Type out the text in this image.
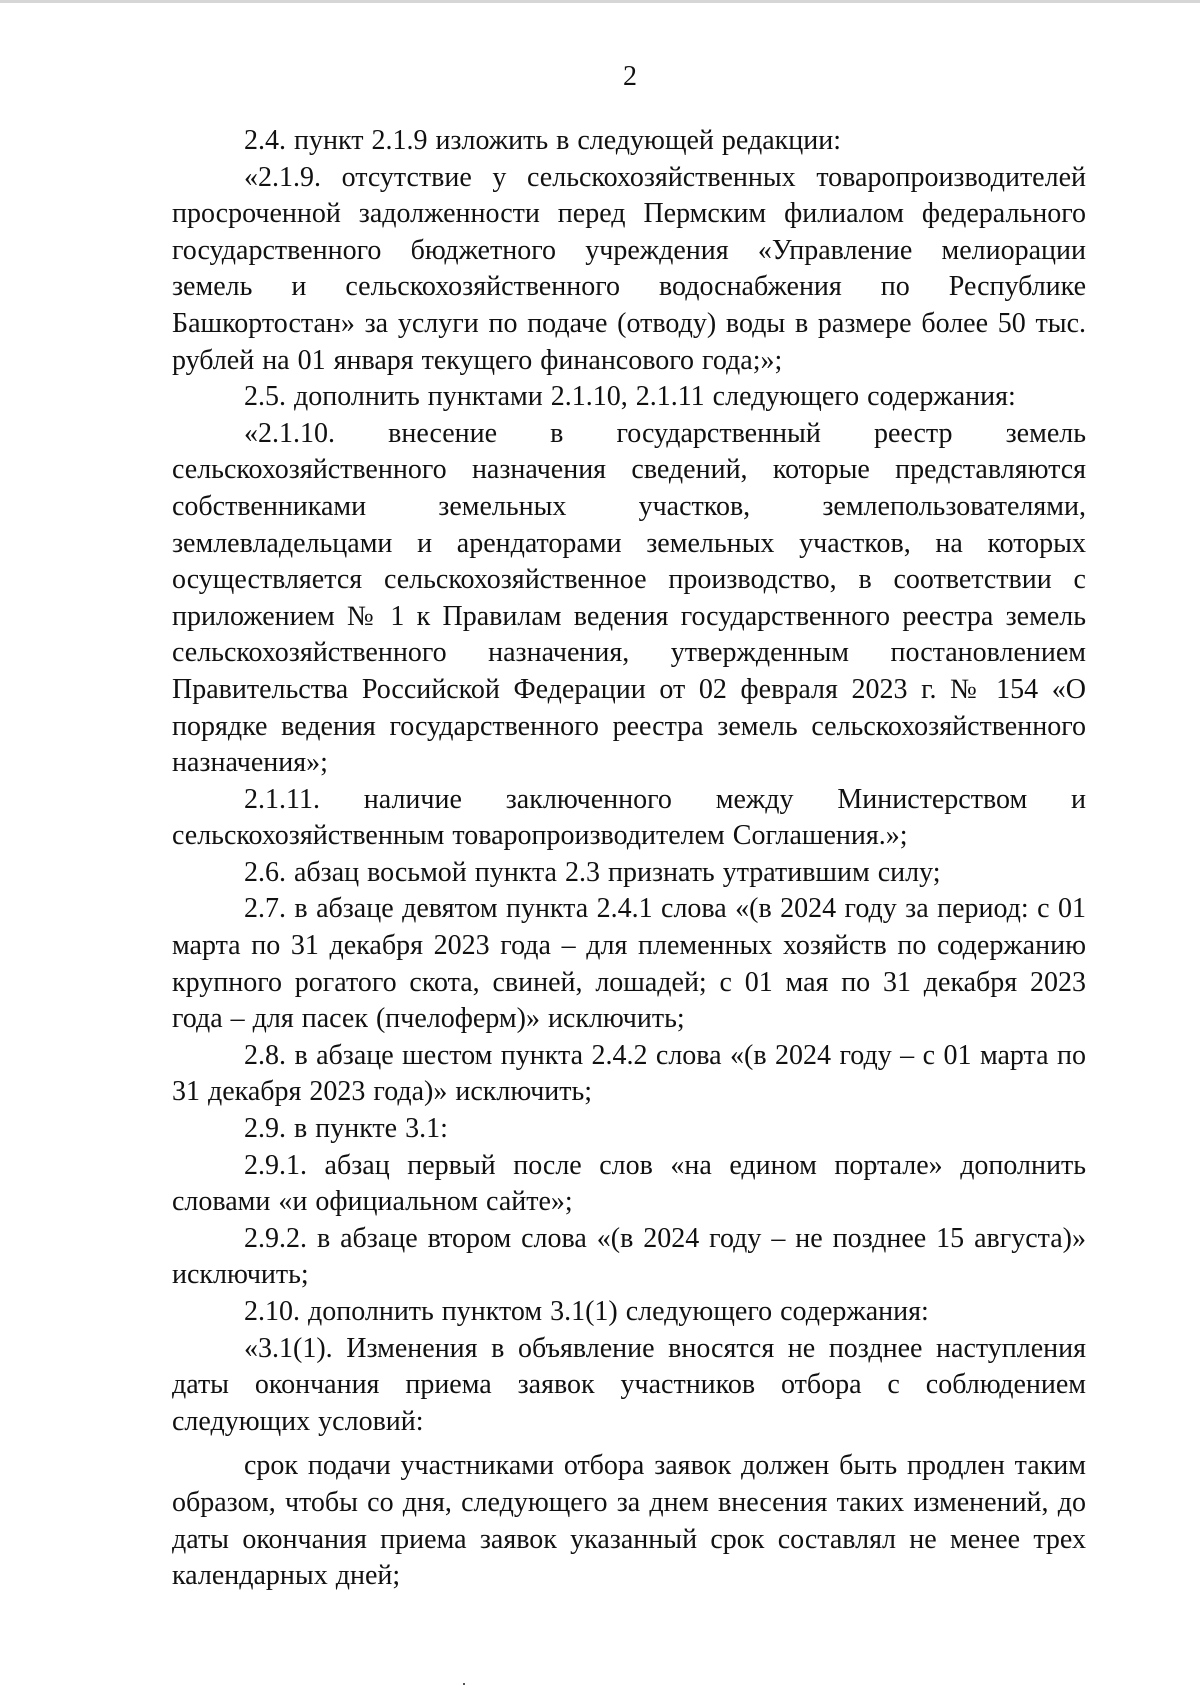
2

2.4. пункт 2.1.9 изложить в следующей редакции:

«2.1.9. отсутствие у сельскохозяйственных товаропроизводителей просроченной задолженности перед Пермским филиалом федерального государственного бюджетного учреждения «Управление мелиорации земель и сельскохозяйственного водоснабжения по Республике Башкортостан» за услуги по подаче (отводу) воды в размере более 50 тыс. рублей на 01 января текущего финансового года;»;

2.5. дополнить пунктами 2.1.10, 2.1.11 следующего содержания:

«2.1.10. внесение в государственный реестр земель сельскохозяйственного назначения сведений, которые представляются собственниками земельных участков, землепользователями, землевладельцами и арендаторами земельных участков, на которых осуществляется сельскохозяйственное производство, в соответствии с приложением № 1 к Правилам ведения государственного реестра земель сельскохозяйственного назначения, утвержденным постановлением Правительства Российской Федерации от 02 февраля 2023 г. № 154 «О порядке ведения государственного реестра земель сельскохозяйственного назначения»;

2.1.11. наличие заключенного между Министерством и сельскохозяйственным товаропроизводителем Соглашения.»;

2.6. абзац восьмой пункта 2.3 признать утратившим силу;

2.7. в абзаце девятом пункта 2.4.1 слова «(в 2024 году за период: с 01 марта по 31 декабря 2023 года – для племенных хозяйств по содержанию крупного рогатого скота, свиней, лошадей; с 01 мая по 31 декабря 2023 года – для пасек (пчелоферм)» исключить;

2.8. в абзаце шестом пункта 2.4.2 слова «(в 2024 году – с 01 марта по 31 декабря 2023 года)» исключить;

2.9. в пункте 3.1:

2.9.1. абзац первый после слов «на едином портале» дополнить словами «и официальном сайте»;

2.9.2. в абзаце втором слова «(в 2024 году – не позднее 15 августа)» исключить;

2.10. дополнить пунктом 3.1(1) следующего содержания:

«3.1(1). Изменения в объявление вносятся не позднее наступления даты окончания приема заявок участников отбора с соблюдением следующих условий:

срок подачи участниками отбора заявок должен быть продлен таким образом, чтобы со дня, следующего за днем внесения таких изменений, до даты окончания приема заявок указанный срок составлял не менее трех календарных дней;
